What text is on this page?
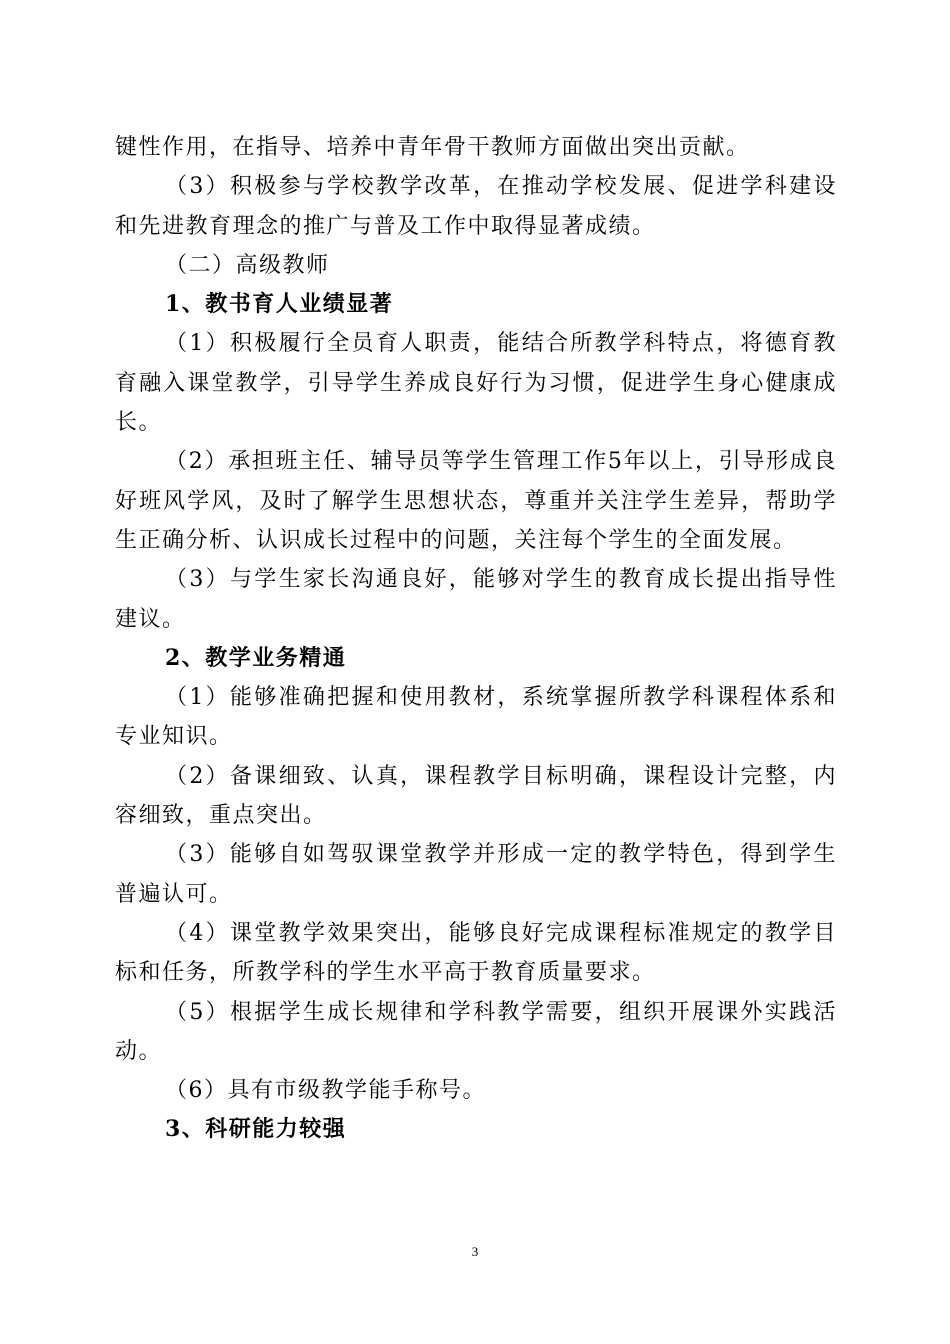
键性作用，在指导、培养中青年骨干教师方面做出突出贡献。

（3）积极参与学校教学改革，在推动学校发展、促进学科建设和先进教育理念的推广与普及工作中取得显著成绩。

（二）高级教师

1、教书育人业绩显著

（1）积极履行全员育人职责，能结合所教学科特点，将德育教育融入课堂教学，引导学生养成良好行为习惯，促进学生身心健康成长。

（2）承担班主任、辅导员等学生管理工作5年以上，引导形成良好班风学风，及时了解学生思想状态，尊重并关注学生差异，帮助学生正确分析、认识成长过程中的问题，关注每个学生的全面发展。

（3）与学生家长沟通良好，能够对学生的教育成长提出指导性建议。

2、教学业务精通

（1）能够准确把握和使用教材，系统掌握所教学科课程体系和专业知识。

（2）备课细致、认真，课程教学目标明确，课程设计完整，内容细致，重点突出。

（3）能够自如驾驭课堂教学并形成一定的教学特色，得到学生普遍认可。

（4）课堂教学效果突出，能够良好完成课程标准规定的教学目标和任务，所教学科的学生水平高于教育质量要求。

（5）根据学生成长规律和学科教学需要，组织开展课外实践活动。

（6）具有市级教学能手称号。

3、科研能力较强

3
